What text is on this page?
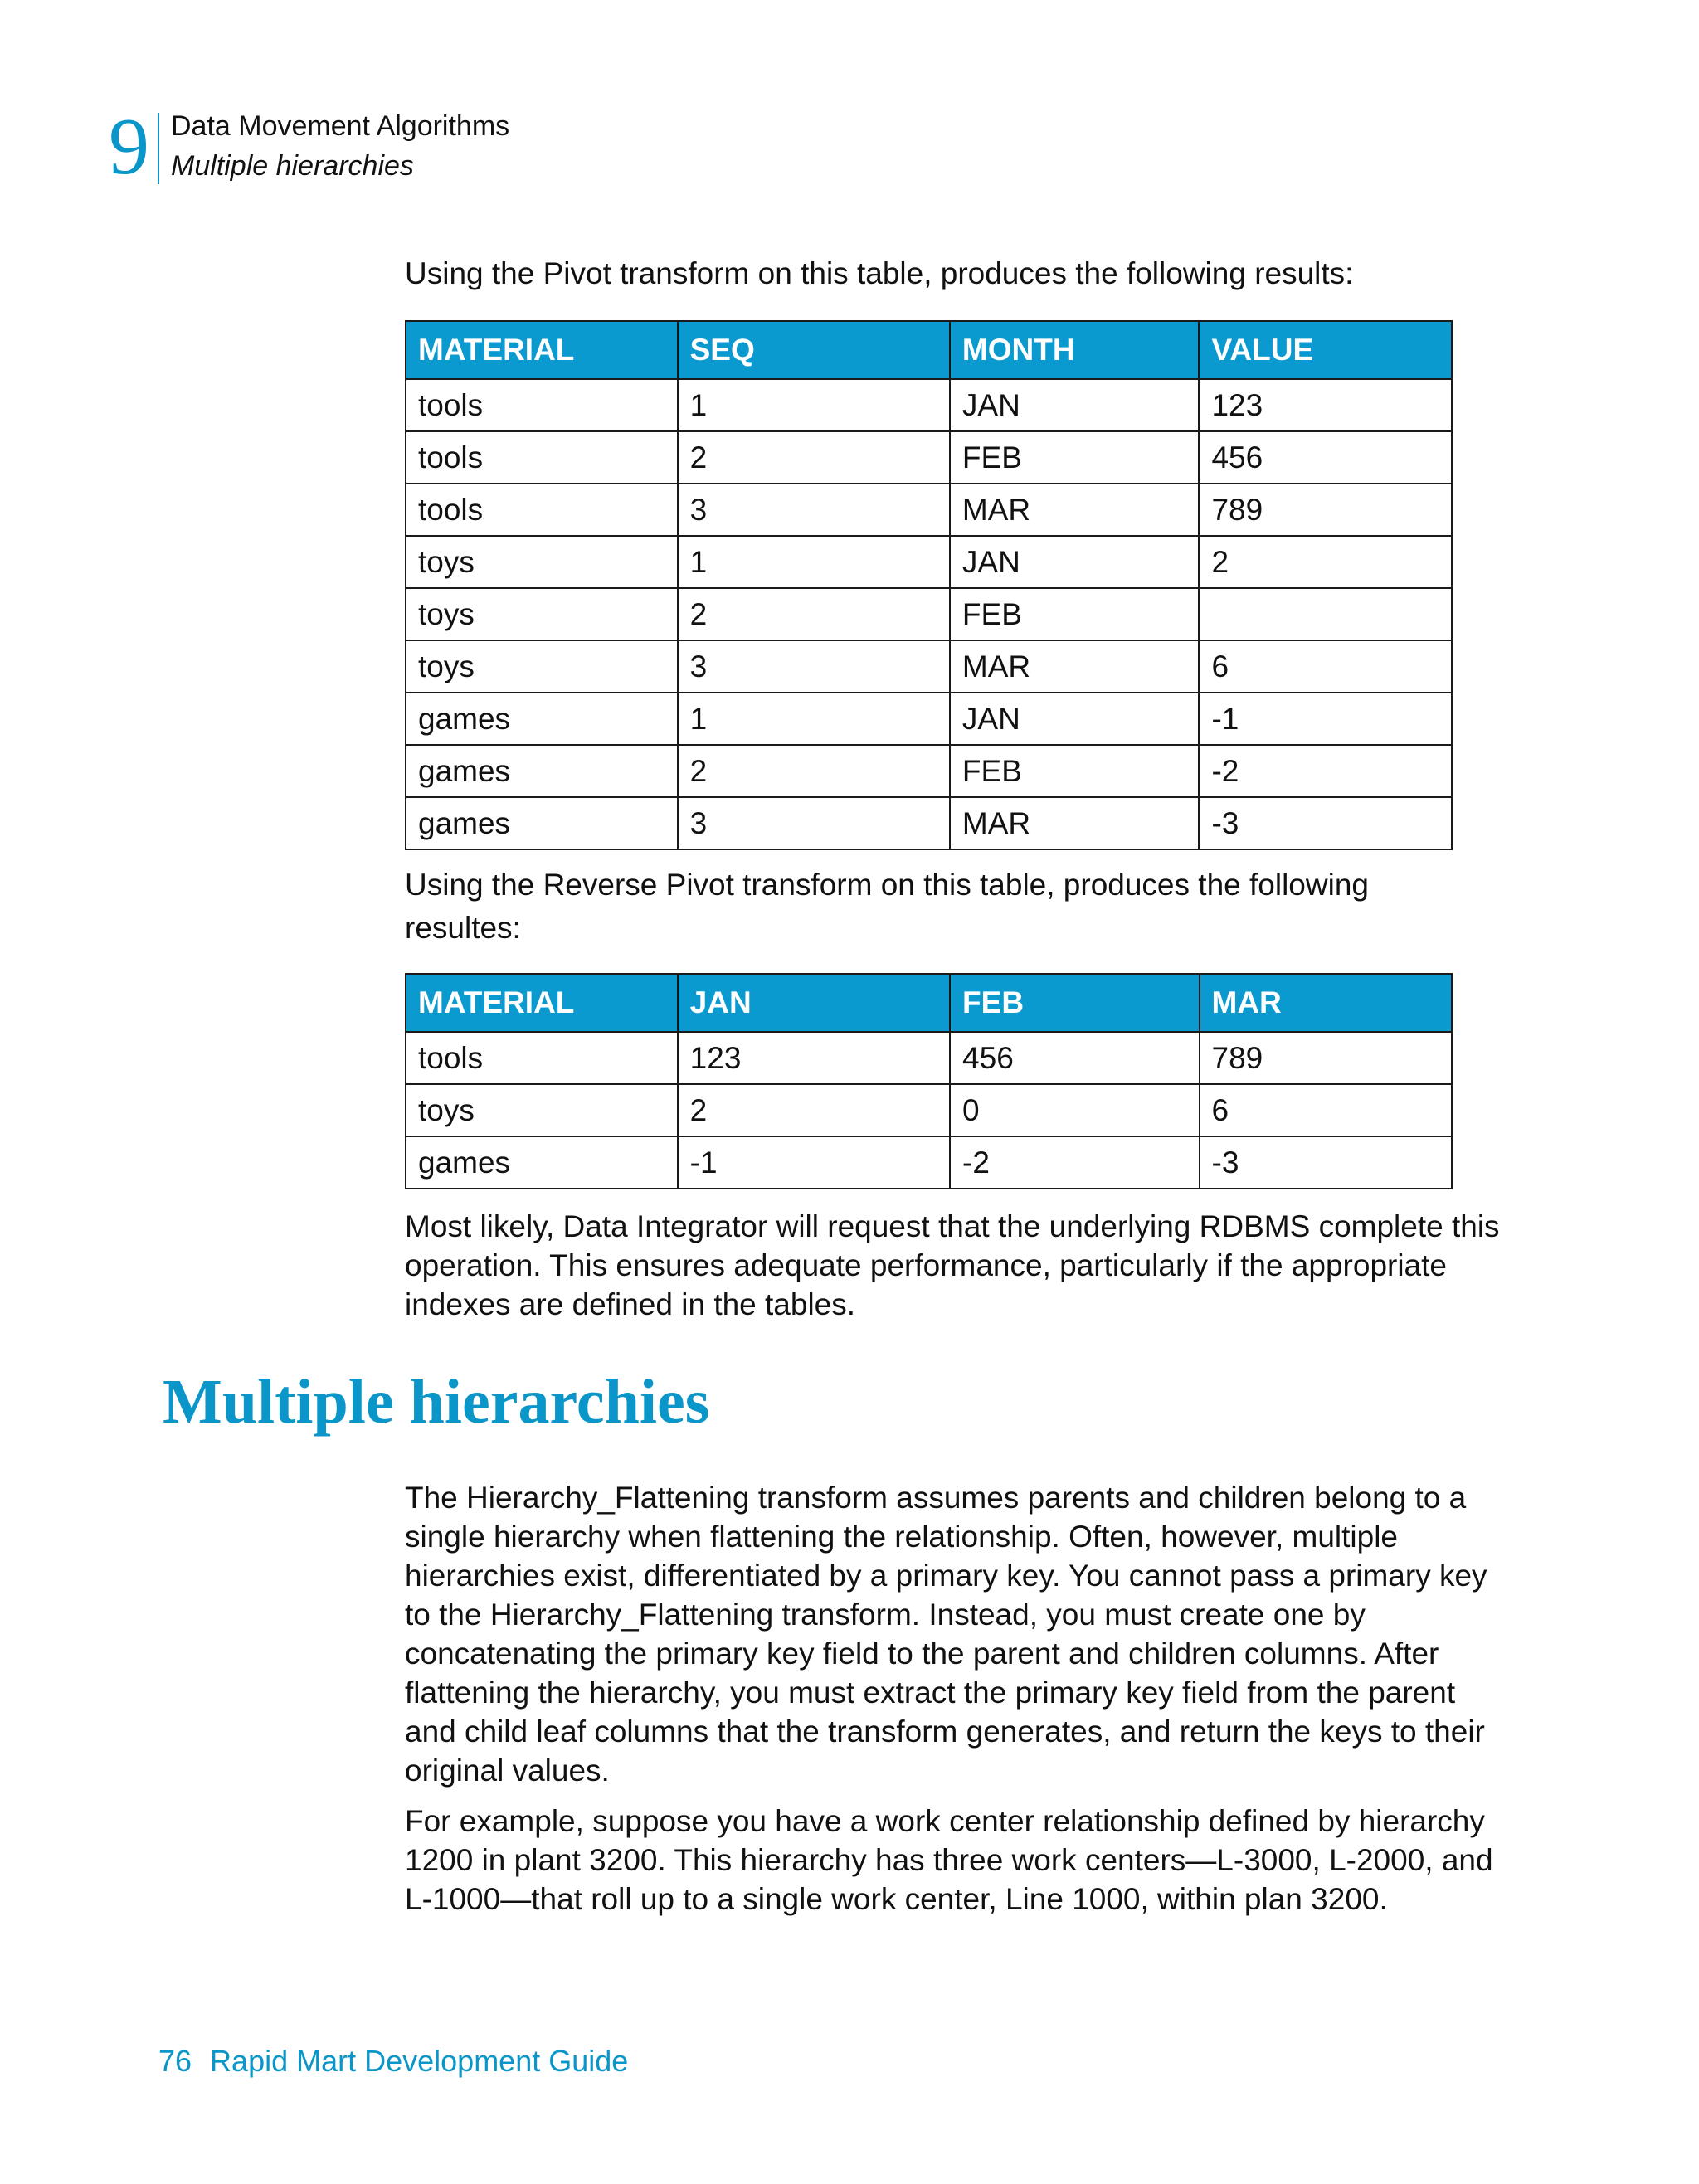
9 Data Movement Algorithms
Multiple hierarchies
Using the Pivot transform on this table, produces the following results:
MATERIAL	SEQ	MONTH	VALUE
tools	1	JAN	123
tools	2	FEB	456
tools	3	MAR	789
toys	1	JAN	2
toys	2	FEB	
toys	3	MAR	6
games	1	JAN	-1
games	2	FEB	-2
games	3	MAR	-3
Using the Reverse Pivot transform on this table, produces the following resultes:
MATERIAL	JAN	FEB	MAR
tools	123	456	789
toys	2	0	6
games	-1	-2	-3
Most likely, Data Integrator will request that the underlying RDBMS complete this operation. This ensures adequate performance, particularly if the appropriate indexes are defined in the tables.
Multiple hierarchies
The Hierarchy_Flattening transform assumes parents and children belong to a single hierarchy when flattening the relationship. Often, however, multiple hierarchies exist, differentiated by a primary key. You cannot pass a primary key to the Hierarchy_Flattening transform. Instead, you must create one by concatenating the primary key field to the parent and children columns. After flattening the hierarchy, you must extract the primary key field from the parent and child leaf columns that the transform generates, and return the keys to their original values.
For example, suppose you have a work center relationship defined by hierarchy 1200 in plant 3200. This hierarchy has three work centers—L-3000, L-2000, and L-1000—that roll up to a single work center, Line 1000, within plan 3200.
76 Rapid Mart Development Guide
